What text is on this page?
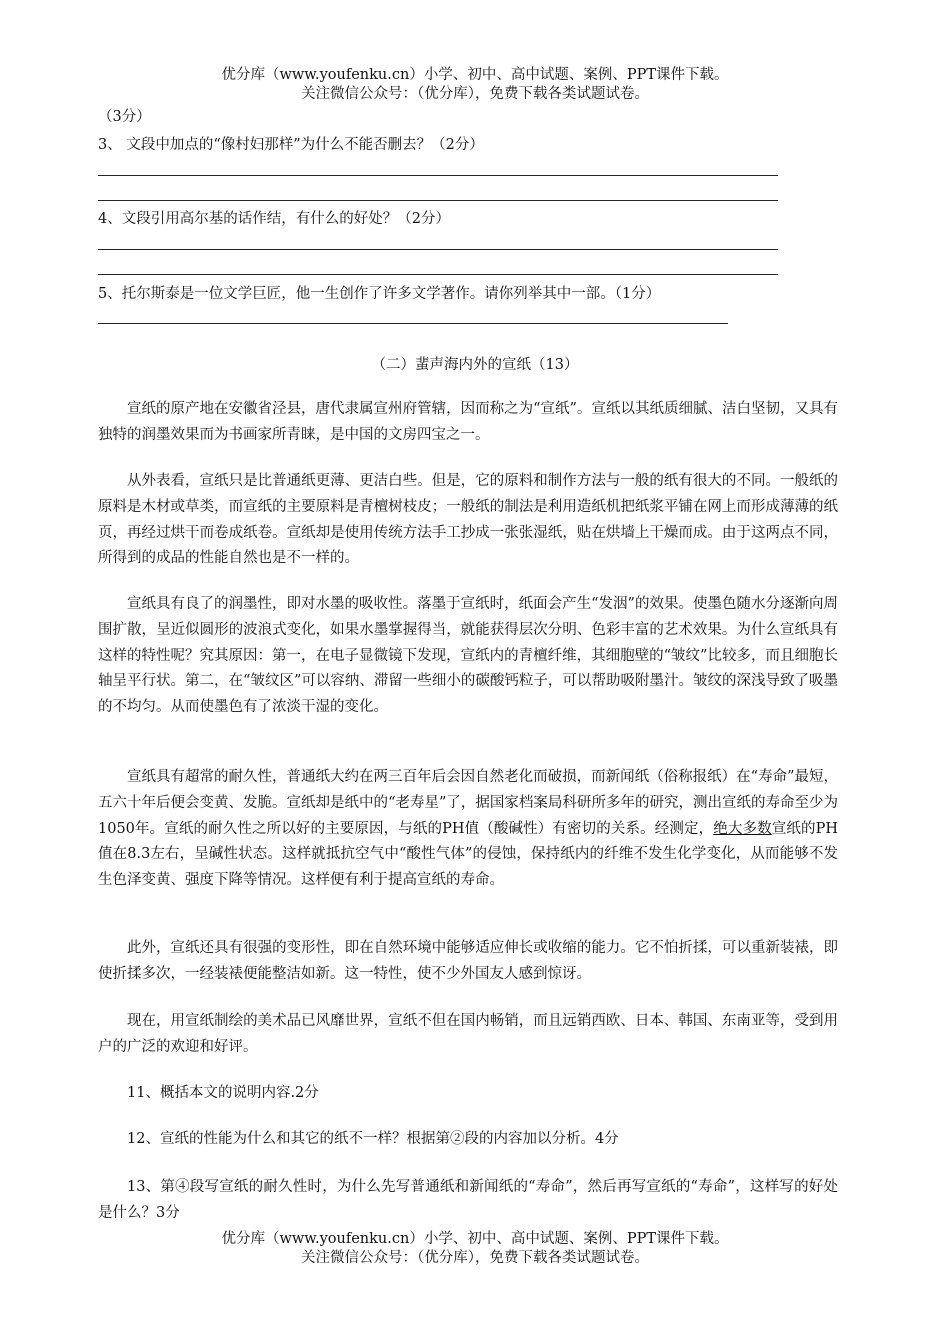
优分库（www.youfenku.cn）小学、初中、高中试题、案例、PPT课件下载。
关注微信公众号：（优分库），免费下载各类试题试卷。
（3分）
3、 文段中加点的“像村妇那样”为什么不能否删去？（2分）
4、文段引用高尔基的话作结，有什么的好处？（2分）
5、托尔斯泰是一位文学巨匠，他一生创作了许多文学著作。请你列举其中一部。（1分）
（二）蜚声海内外的宣纸（13）
宣纸的原产地在安徽省泾县，唐代隶属宣州府管辖，因而称之为“宣纸”。宣纸以其纸质细腻、洁白坚韧，又具有独特的润墨效果而为书画家所青睐，是中国的文房四宝之一。
从外表看，宣纸只是比普通纸更薄、更洁白些。但是，它的原料和制作方法与一般的纸有很大的不同。一般纸的原料是木材或草类，而宣纸的主要原料是青檀树枝皮；一般纸的制法是利用造纸机把纸浆平铺在网上而形成薄薄的纸页，再经过烘干而卷成纸卷。宣纸却是使用传统方法手工抄成一张张湿纸，贴在烘墙上干燥而成。由于这两点不同，所得到的成品的性能自然也是不一样的。
宣纸具有良了的润墨性，即对水墨的吸收性。落墨于宣纸时，纸面会产生“发洇”的效果。使墨色随水分逐渐向周围扩散，呈近似圆形的波浪式变化，如果水墨掌握得当，就能获得层次分明、色彩丰富的艺术效果。为什么宣纸具有这样的特性呢？究其原因：第一，在电子显微镜下发现，宣纸内的青檀纤维，其细胞壁的“皱纹”比较多，而且细胞长轴呈平行状。第二，在“皱纹区”可以容纳、滞留一些细小的碳酸钙粒子，可以帮助吸附墨汁。皱纹的深浅导致了吸墨的不均匀。从而使墨色有了浓淡干湿的变化。
宣纸具有超常的耐久性，普通纸大约在两三百年后会因自然老化而破损，而新闻纸（俗称报纸）在“寿命”最短，五六十年后便会变黄、发脆。宣纸却是纸中的“老寿星”了，据国家档案局科研所多年的研究，测出宣纸的寿命至少为1050年。宣纸的耐久性之所以好的主要原因，与纸的PH值（酸碱性）有密切的关系。经测定，绝大多数宣纸的PH值在8.3左右，呈碱性状态。这样就抵抗空气中“酸性气体”的侵蚀，保持纸内的纤维不发生化学变化，从而能够不发生色泽变黄、强度下降等情况。这样便有利于提高宣纸的寿命。
此外，宣纸还具有很强的变形性，即在自然环境中能够适应伸长或收缩的能力。它不怕折揉，可以重新装裱，即使折揉多次，一经装裱便能整洁如新。这一特性，使不少外国友人感到惊讶。
现在，用宣纸制绘的美术品已风靡世界，宣纸不但在国内畅销，而且远销西欧、日本、韩国、东南亚等，受到用户的广泛的欢迎和好评。
11、概括本文的说明内容.2分
12、宣纸的性能为什么和其它的纸不一样？根据第②段的内容加以分析。4分
13、第④段写宣纸的耐久性时，为什么先写普通纸和新闻纸的“寿命”，然后再写宣纸的“寿命”，这样写的好处是什么？3分
优分库（www.youfenku.cn）小学、初中、高中试题、案例、PPT课件下载。
关注微信公众号：（优分库），免费下载各类试题试卷。
